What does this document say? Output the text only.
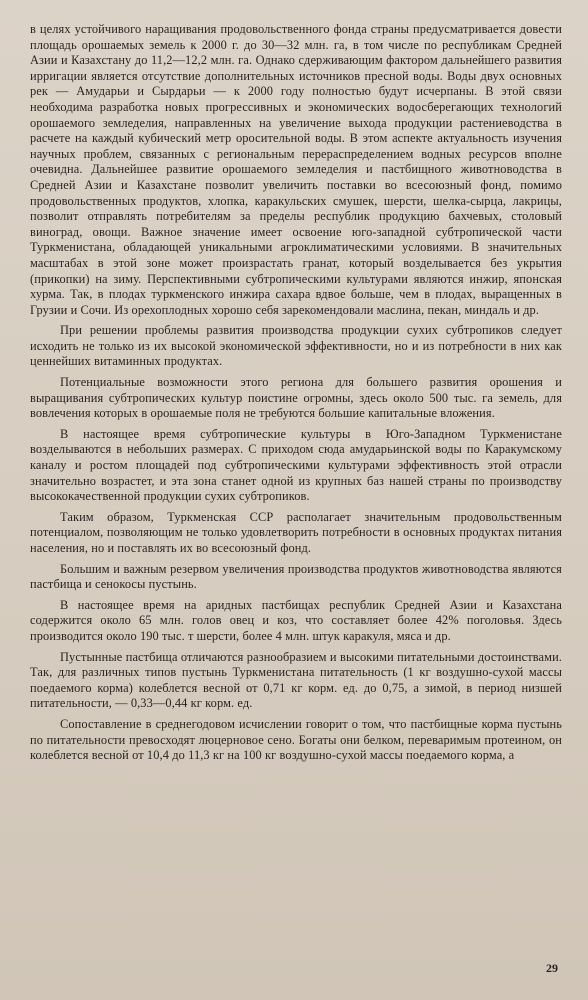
в целях устойчивого наращивания продовольственного фонда страны предусматривается довести площадь орошаемых земель к 2000 г. до 30—32 млн. га, в том числе по республикам Средней Азии и Казахстану до 11,2—12,2 млн. га. Однако сдерживающим фактором дальнейшего развития ирригации является отсутствие дополнительных источников пресной воды. Воды двух основных рек — Амударьи и Сырдарьи — к 2000 году полностью будут исчерпаны. В этой связи необходима разработка новых прогрессивных и экономических водосберегающих технологий орошаемого земледелия, направленных на увеличение выхода продукции растениеводства в расчете на каждый кубический метр оросительной воды. В этом аспекте актуальность изучения научных проблем, связанных с региональным перераспределением водных ресурсов вполне очевидна. Дальнейшее развитие орошаемого земледелия и пастбищного животноводства в Средней Азии и Казахстане позволит увеличить поставки во всесоюзный фонд, помимо продовольственных продуктов, хлопка, каракульских смушек, шерсти, шелка-сырца, лакрицы, позволит отправлять потребителям за пределы республик продукцию бахчевых, столовый виноград, овощи. Важное значение имеет освоение юго-западной субтропической части Туркменистана, обладающей уникальными агроклиматическими условиями. В значительных масштабах в этой зоне может произрастать гранат, который возделывается без укрытия (прикопки) на зиму. Перспективными субтропическими культурами являются инжир, японская хурма. Так, в плодах туркменского инжира сахара вдвое больше, чем в плодах, выращенных в Грузии и Сочи. Из орехоплодных хорошо себя зарекомендовали маслина, пекан, миндаль и др.

При решении проблемы развития производства продукции сухих субтропиков следует исходить не только из их высокой экономической эффективности, но и из потребности в них как ценнейших витаминных продуктах.

Потенциальные возможности этого региона для большего развития орошения и выращивания субтропических культур поистине огромны, здесь около 500 тыс. га земель, для вовлечения которых в орошаемые поля не требуются большие капитальные вложения.

В настоящее время субтропические культуры в Юго-Западном Туркменистане возделываются в небольших размерах. С приходом сюда амударьинской воды по Каракумскому каналу и ростом площадей под субтропическими культурами эффективность этой отрасли значительно возрастет, и эта зона станет одной из крупных баз нашей страны по производству высококачественной продукции сухих субтропиков.

Таким образом, Туркменская ССР располагает значительным продовольственным потенциалом, позволяющим не только удовлетворить потребности в основных продуктах питания населения, но и поставлять их во всесоюзный фонд.

Большим и важным резервом увеличения производства продуктов животноводства являются пастбища и сенокосы пустынь.

В настоящее время на аридных пастбищах республик Средней Азии и Казахстана содержится около 65 млн. голов овец и коз, что составляет более 42% поголовья. Здесь производится около 190 тыс. т шерсти, более 4 млн. штук каракуля, мяса и др.

Пустынные пастбища отличаются разнообразием и высокими питательными достоинствами. Так, для различных типов пустынь Туркменистана питательность (1 кг воздушно-сухой массы поедаемого корма) колеблется весной от 0,71 кг корм. ед. до 0,75, а зимой, в период низшей питательности, — 0,33—0,44 кг корм. ед.

Сопоставление в среднегодовом исчислении говорит о том, что пастбищные корма пустынь по питательности превосходят люцерновое сено. Богаты они белком, переваримым протеином, он колеблется весной от 10,4 до 11,3 кг на 100 кг воздушно-сухой массы поедаемого корма, а

29
